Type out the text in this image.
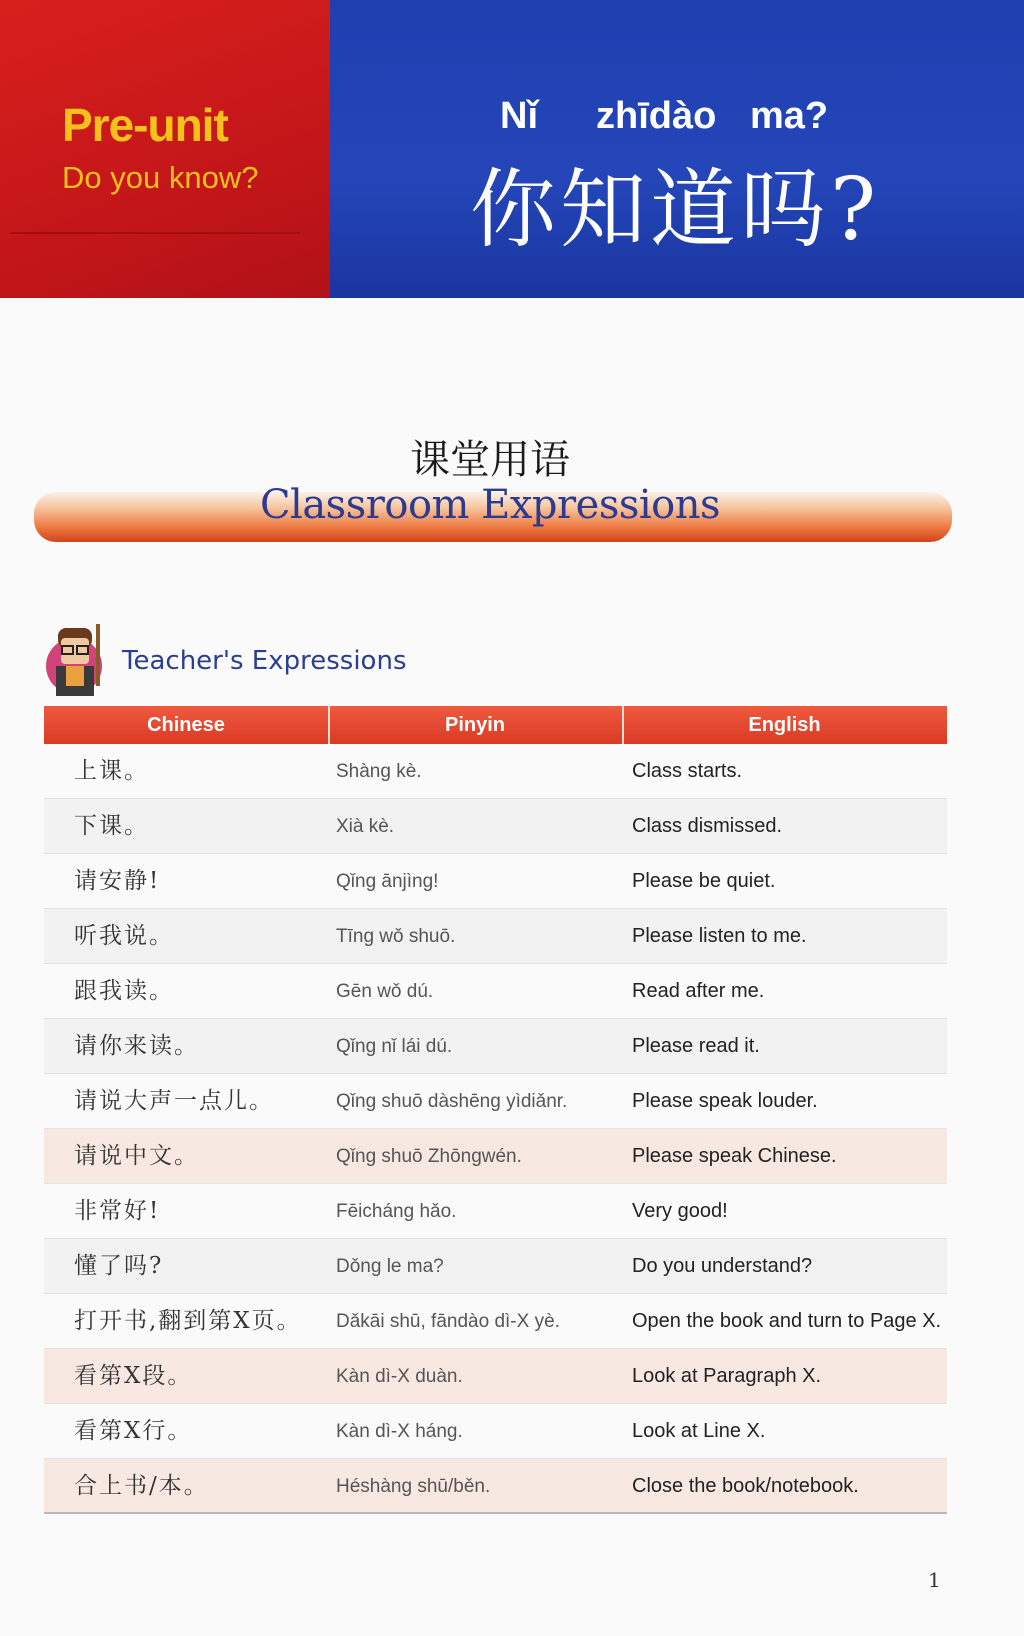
Pre-unit
Do you know?
Nǐ zhīdào ma?
你知道吗?
课堂用语
Classroom Expressions
Teacher's Expressions
Chinese	Pinyin	English
上课。	Shàng kè.	Class starts.
下课。	Xià kè.	Class dismissed.
请安静!	Qǐng ānjìng!	Please be quiet.
听我说。	Tīng wǒ shuō.	Please listen to me.
跟我读。	Gēn wǒ dú.	Read after me.
请你来读。	Qǐng nǐ lái dú.	Please read it.
请说大声一点儿。	Qǐng shuō dàshēng yìdiǎnr.	Please speak louder.
请说中文。	Qǐng shuō Zhōngwén.	Please speak Chinese.
非常好!	Fēicháng hǎo.	Very good!
懂了吗?	Dǒng le ma?	Do you understand?
打开书,翻到第X页。 Dǎkāi shū, fāndào dì-X yè.	Open the book and turn to Page X.
看第X段。	Kàn dì-X duàn.	Look at Paragraph X.
看第X行。	Kàn dì-X háng.	Look at Line X.
合上书/本。	Héshàng shū/běn.	Close the book/notebook.
1
